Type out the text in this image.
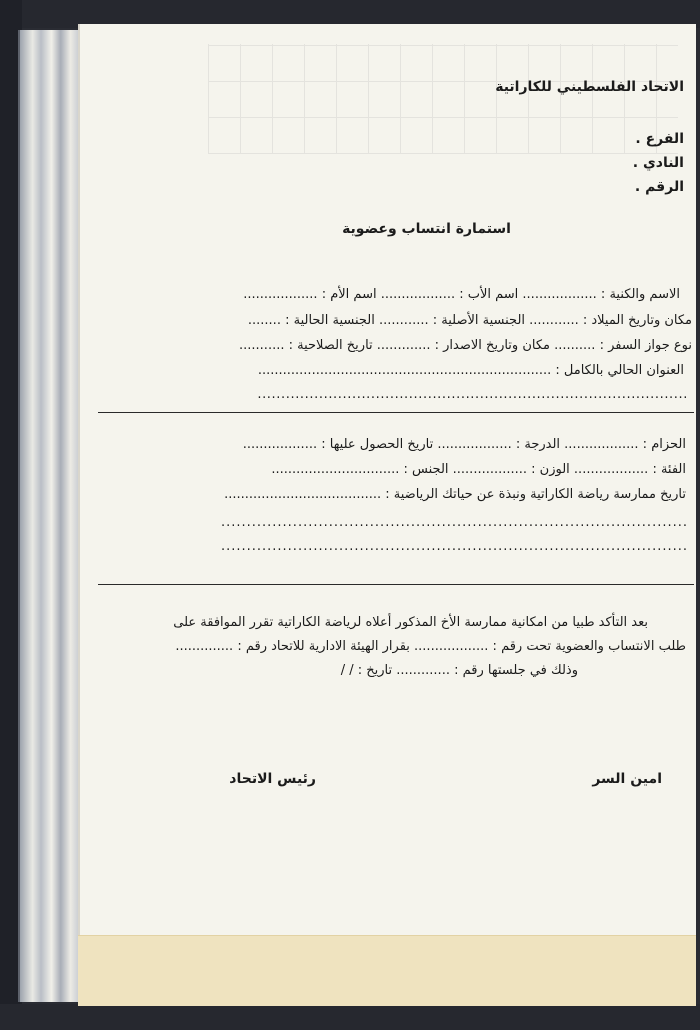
الاتحاد الفلسطيني للكاراتية

الفرع .

النادي .

الرقم .

استمارة انتساب وعضوية

الاسم والكنية : .................. اسم الأب : .................. اسم الأم : ..................

مكان وتاريخ الميلاد : ............ الجنسية الأصلية : ............ الجنسية الحالية : ........

نوع جواز السفر : .......... مكان وتاريخ الاصدار : ............. تاريخ الصلاحية : ...........

العنوان الحالي بالكامل : .......................................................................

...........................................................................................

الحزام : .................. الدرجة : .................. تاريخ الحصول عليها : ..................

الفئة : .................. الوزن : .................. الجنس : ...............................

تاريخ ممارسة رياضة الكاراتية ونبذة عن حياتك الرياضية : ......................................

...........................................................................................

...........................................................................................

بعد التأكد طبيا من امكانية ممارسة الأخ المذكور أعلاه لرياضة الكاراتية تقرر الموافقة على

طلب الانتساب والعضوية تحت رقم : .................. بقرار الهيئة الادارية للاتحاد رقم : ..............

وذلك في جلستها رقم : ............. تاريخ : / /

امين السر

رئيس الاتحاد
